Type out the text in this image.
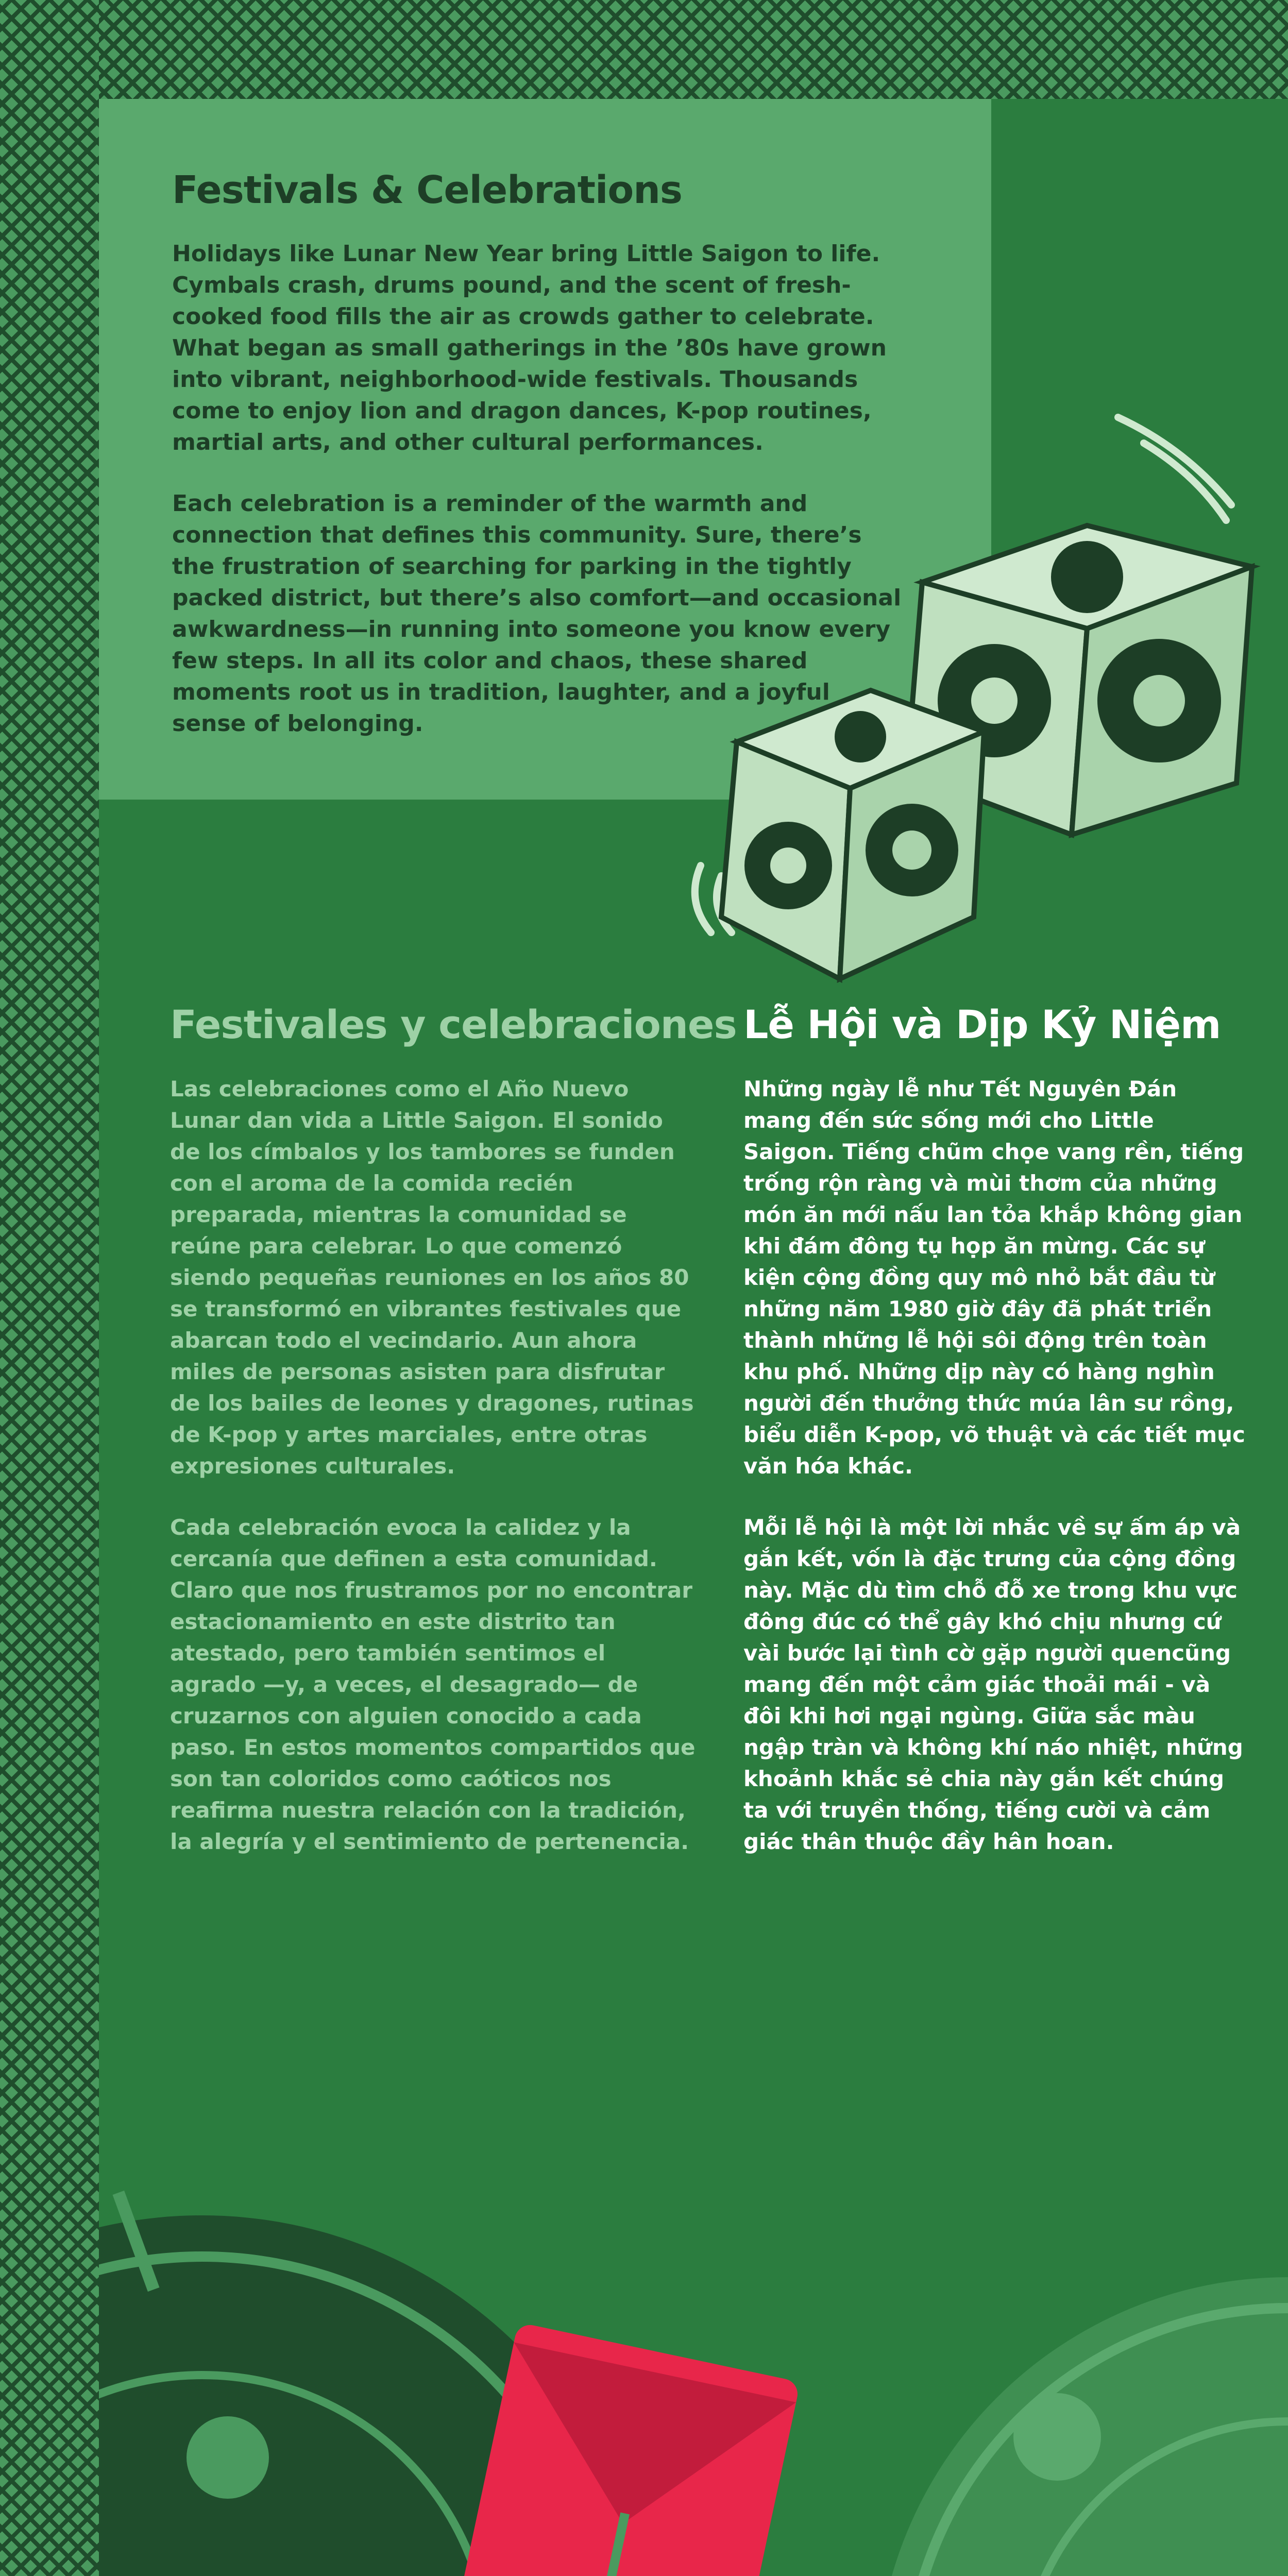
Festivals & Celebrations

Holidays like Lunar New Year bring Little Saigon to life. Cymbals crash, drums pound, and the scent of fresh-cooked food fills the air as crowds gather to celebrate. What began as small gatherings in the ’80s have grown into vibrant, neighborhood-wide festivals. Thousands come to enjoy lion and dragon dances, K-pop routines, martial arts, and other cultural performances.

Each celebration is a reminder of the warmth and connection that defines this community. Sure, there’s the frustration of searching for parking in the tightly packed district, but there’s also comfort—and occasional awkwardness—in running into someone you know every few steps. In all its color and chaos, these shared moments root us in tradition, laughter, and a joyful sense of belonging.

Festivales y celebraciones

Las celebraciones como el Año Nuevo Lunar dan vida a Little Saigon. El sonido de los címbalos y los tambores se funden con el aroma de la comida recién preparada, mientras la comunidad se reúne para celebrar. Lo que comenzó siendo pequeñas reuniones en los años 80 se transformó en vibrantes festivales que abarcan todo el vecindario. Aun ahora miles de personas asisten para disfrutar de los bailes de leones y dragones, rutinas de K-pop y artes marciales, entre otras expresiones culturales.

Cada celebración evoca la calidez y la cercanía que definen a esta comunidad. Claro que nos frustramos por no encontrar estacionamiento en este distrito tan atestado, pero también sentimos el agrado —y, a veces, el desagrado— de cruzarnos con alguien conocido a cada paso. En estos momentos compartidos que son tan coloridos como caóticos nos reafirma nuestra relación con la tradición, la alegría y el sentimiento de pertenencia.

Lễ Hội và Dịp Kỷ Niệm

Những ngày lễ như Tết Nguyên Đán mang đến sức sống mới cho Little Saigon. Tiếng chũm chọe vang rền, tiếng trống rộn ràng và mùi thơm của những món ăn mới nấu lan tỏa khắp không gian khi đám đông tụ họp ăn mừng. Các sự kiện cộng đồng quy mô nhỏ bắt đầu từ những năm 1980 giờ đây đã phát triển thành những lễ hội sôi động trên toàn khu phố. Những dịp này có hàng nghìn người đến thưởng thức múa lân sư rồng, biểu diễn K-pop, võ thuật và các tiết mục văn hóa khác.

Mỗi lễ hội là một lời nhắc về sự ấm áp và gắn kết, vốn là đặc trưng của cộng đồng này. Mặc dù tìm chỗ đỗ xe trong khu vực đông đúc có thể gây khó chịu nhưng cứ vài bước lại tình cờ gặp người quencũng mang đến một cảm giác thoải mái - và đôi khi hơi ngại ngùng. Giữa sắc màu ngập tràn và không khí náo nhiệt, những khoảnh khắc sẻ chia này gắn kết chúng ta với truyền thống, tiếng cười và cảm giác thân thuộc đầy hân hoan.
